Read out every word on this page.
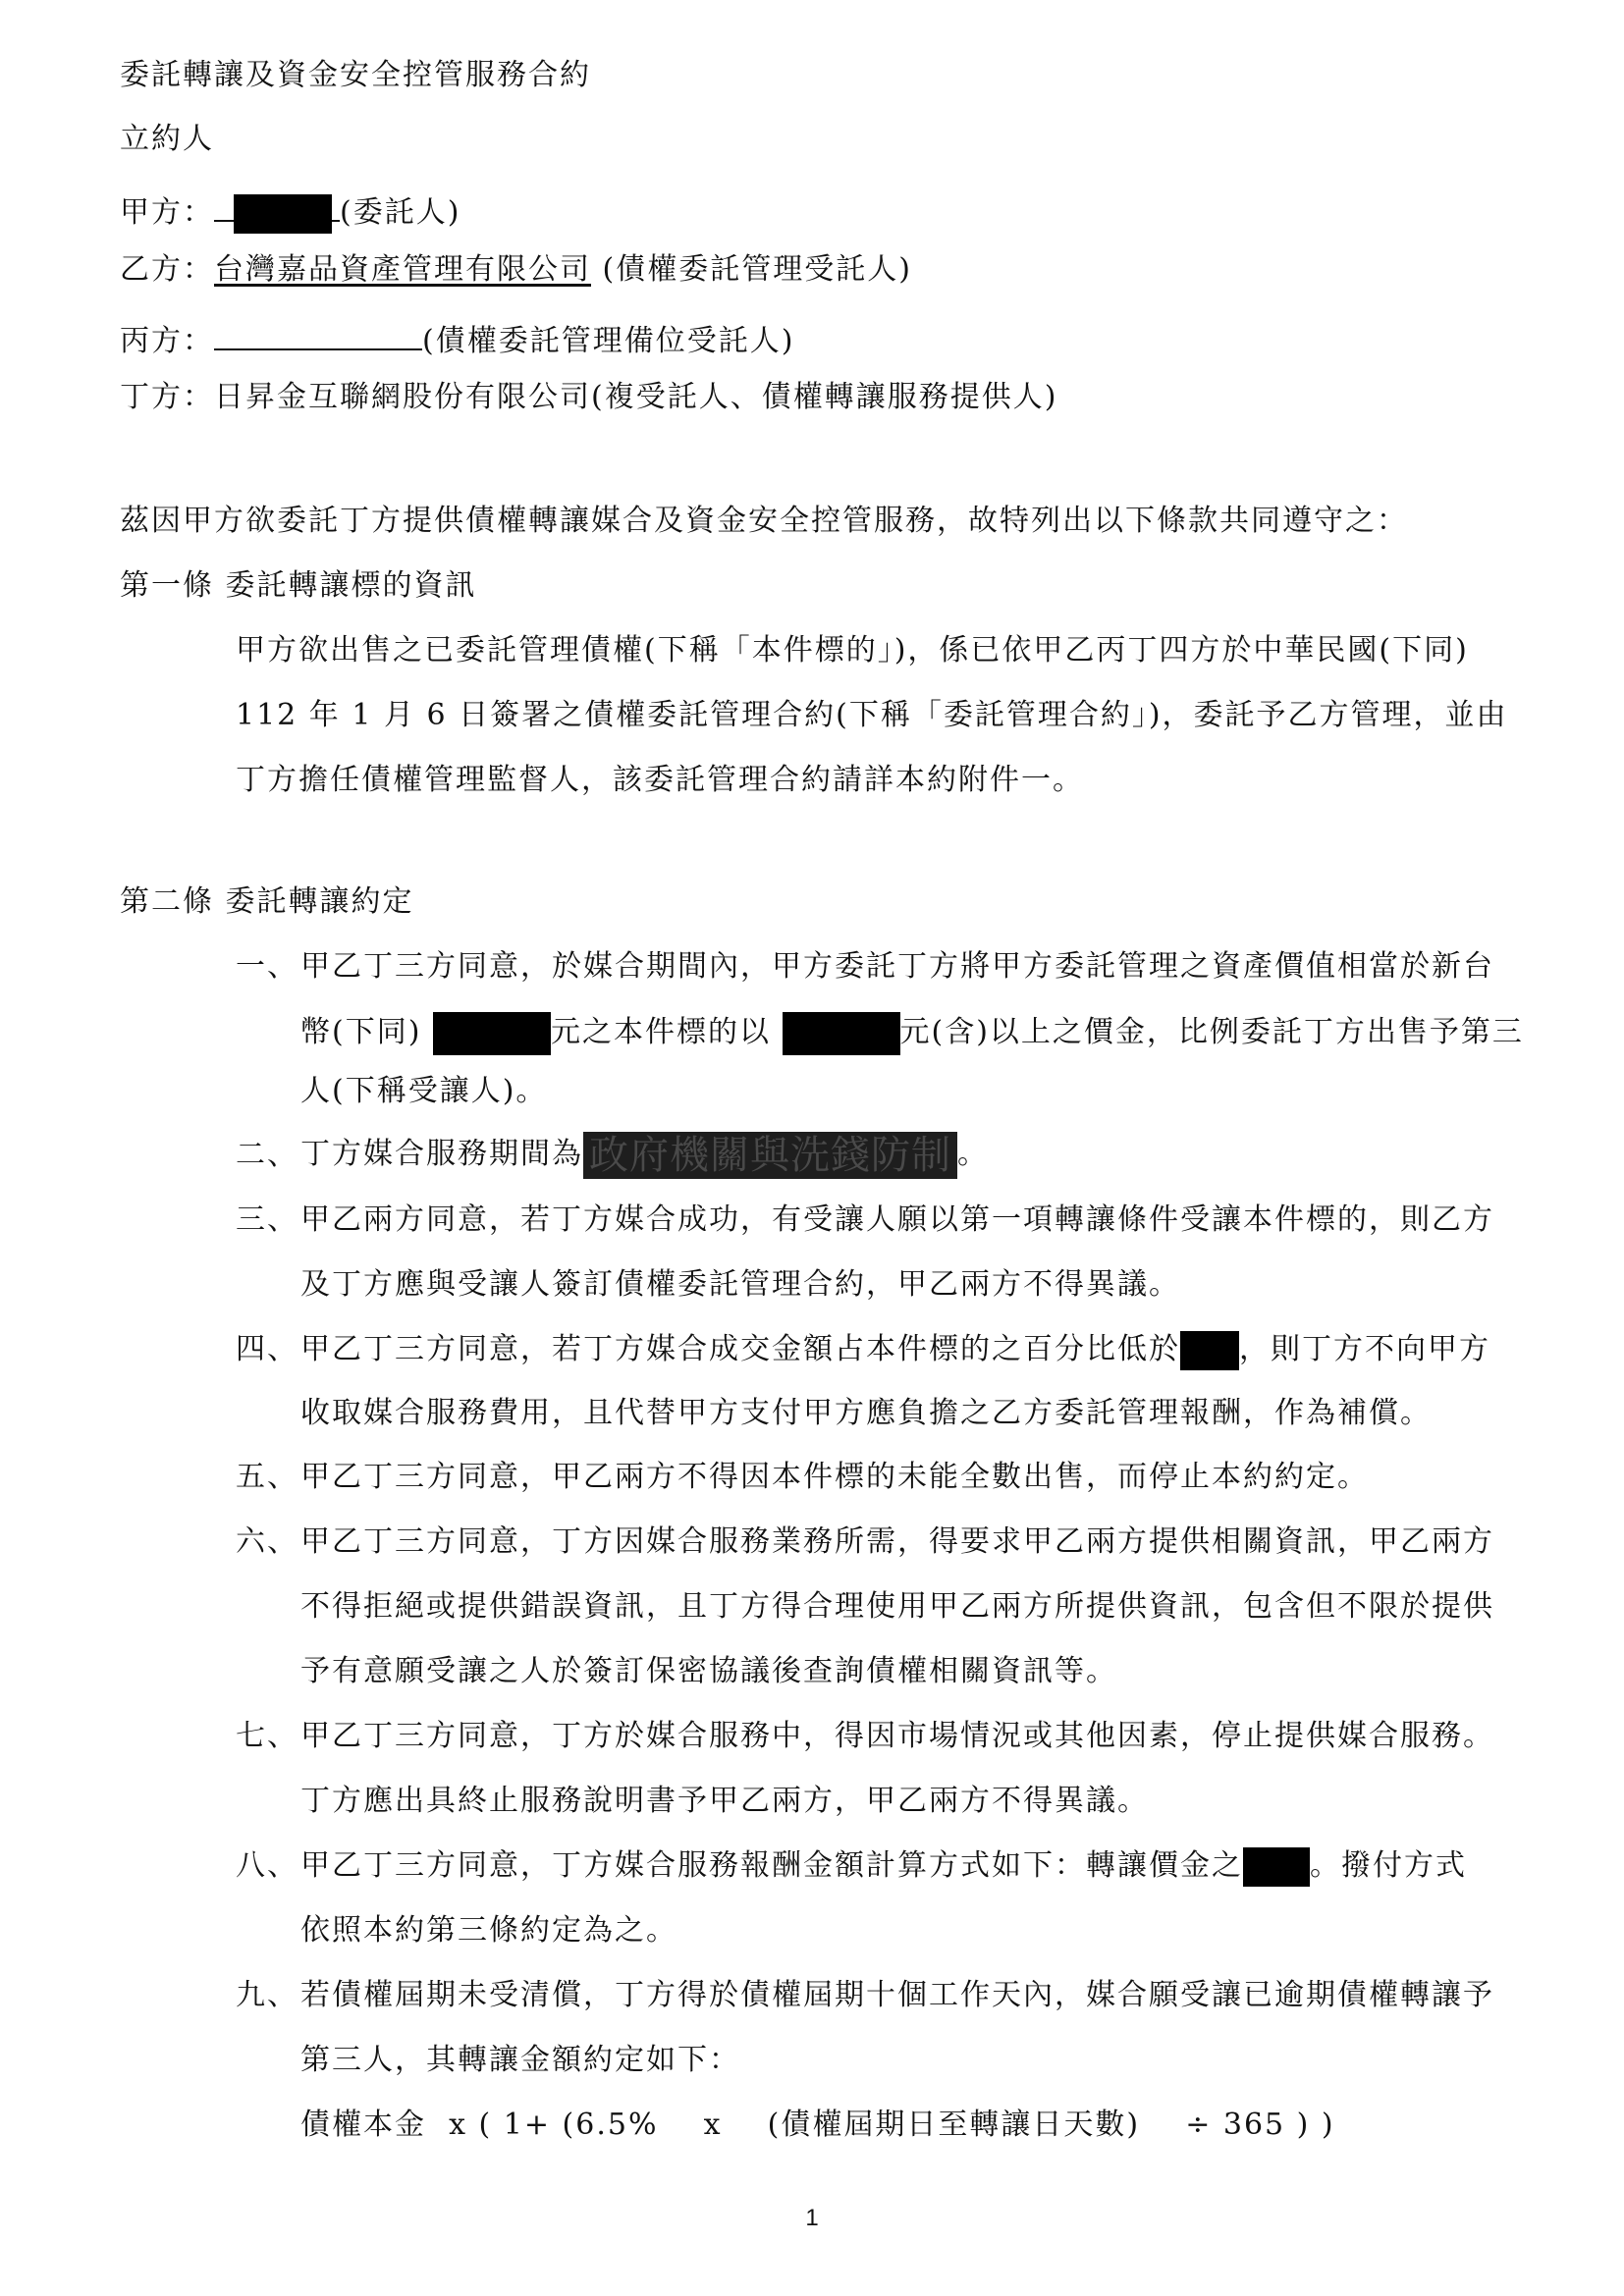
委託轉讓及資金安全控管服務合約
立約人
甲方：	(委託人)
乙方：台灣嘉品資產管理有限公司 (債權委託管理受託人)
丙方：	(債權委託管理備位受託人)
丁方：日昇金互聯網股份有限公司(複受託人、債權轉讓服務提供人)
茲因甲方欲委託丁方提供債權轉讓媒合及資金安全控管服務，故特列出以下條款共同遵守之：
第一條 委託轉讓標的資訊
甲方欲出售之已委託管理債權(下稱「本件標的」)，係已依甲乙丙丁四方於中華民國(下同)
112 年 1 月 6 日簽署之債權委託管理合約(下稱「委託管理合約」)，委託予乙方管理，並由
丁方擔任債權管理監督人，該委託管理合約請詳本約附件一。
第二條 委託轉讓約定
一、 甲乙丁三方同意，於媒合期間內，甲方委託丁方將甲方委託管理之資產價值相當於新台
幣(下同)	元之本件標的以	元(含)以上之價金，比例委託丁方出售予第三
人(下稱受讓人)。
二、 丁方媒合服務期間為 政府機關與洗錢防制 。
三、 甲乙兩方同意，若丁方媒合成功，有受讓人願以第一項轉讓條件受讓本件標的，則乙方
及丁方應與受讓人簽訂債權委託管理合約，甲乙兩方不得異議。
四、 甲乙丁三方同意，若丁方媒合成交金額占本件標的之百分比低於 ，則丁方不向甲方
收取媒合服務費用，且代替甲方支付甲方應負擔之乙方委託管理報酬，作為補償。
五、 甲乙丁三方同意，甲乙兩方不得因本件標的未能全數出售，而停止本約約定。
六、 甲乙丁三方同意，丁方因媒合服務業務所需，得要求甲乙兩方提供相關資訊，甲乙兩方
不得拒絕或提供錯誤資訊，且丁方得合理使用甲乙兩方所提供資訊，包含但不限於提供
予有意願受讓之人於簽訂保密協議後查詢債權相關資訊等。
七、 甲乙丁三方同意，丁方於媒合服務中，得因市場情況或其他因素，停止提供媒合服務。
丁方應出具終止服務說明書予甲乙兩方，甲乙兩方不得異議。
八、 甲乙丁三方同意，丁方媒合服務報酬金額計算方式如下：轉讓價金之 。撥付方式
依照本約第三條約定為之。
九、 若債權屆期未受清償，丁方得於債權屆期十個工作天內，媒合願受讓已逾期債權轉讓予
第三人，其轉讓金額約定如下：
債權本金  x ( 1+ (6.5%    x    (債權屆期日至轉讓日天數)    ÷ 365 ) )
1
